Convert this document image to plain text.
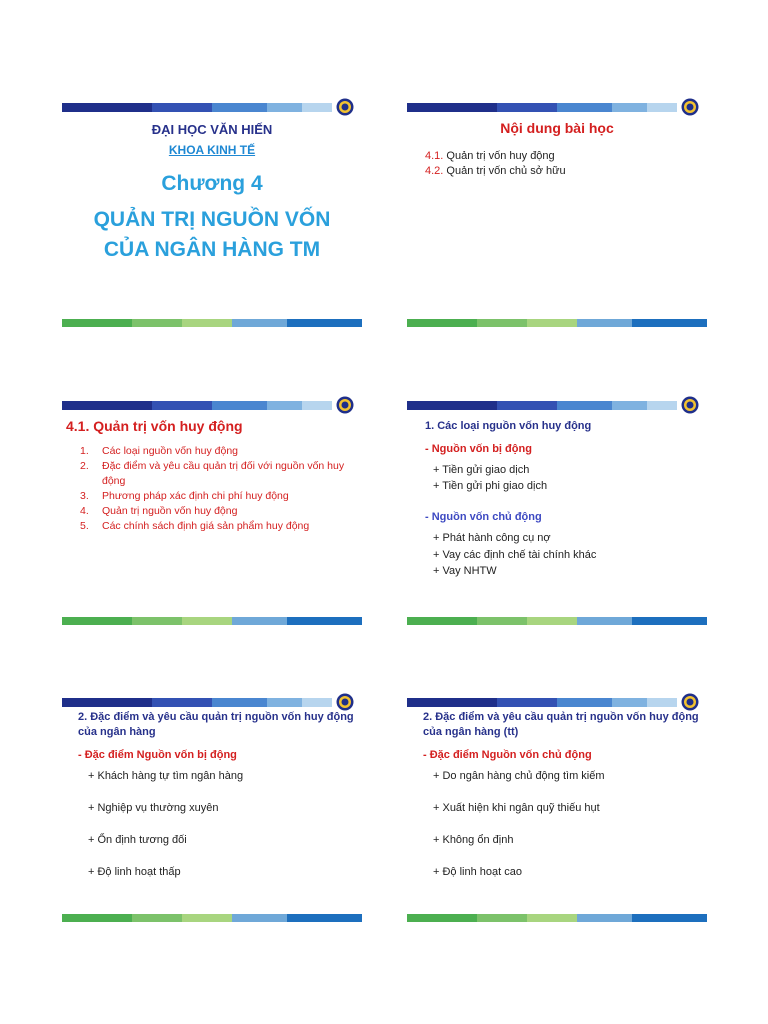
ĐẠI HỌC VĂN HIẾN
KHOA KINH TẾ
Chương 4
QUẢN TRỊ NGUỒN VỐN
CỦA NGÂN HÀNG TM
Nội dung bài học
4.1. Quản trị vốn huy động
4.2. Quản trị vốn chủ sở hữu
4.1. Quản trị vốn huy động
1. Các loại nguồn vốn huy động
2. Đặc điểm và yêu cầu quản trị đối với nguồn vốn huy động
3. Phương pháp xác định chi phí huy động
4. Quản trị nguồn vốn huy động
5. Các chính sách định giá sản phẩm huy động
1. Các loại nguồn vốn huy động
- Nguồn vốn bị động
+ Tiền gửi giao dịch
+ Tiền gửi phi giao dịch
- Nguồn vốn chủ động
+ Phát hành công cụ nợ
+ Vay các định chế tài chính khác
+ Vay NHTW
2. Đặc điểm và yêu cầu quản trị nguồn vốn huy động của ngân hàng
- Đặc điểm Nguồn vốn bị động
+ Khách hàng tự tìm ngân hàng
+ Nghiệp vụ thường xuyên
+ Ổn định tương đối
+ Độ linh hoạt thấp
2. Đặc điểm và yêu cầu quản trị nguồn vốn huy động của ngân hàng (tt)
- Đặc điểm Nguồn vốn chủ động
+ Do ngân hàng chủ động tìm kiếm
+ Xuất hiện khi ngân quỹ thiếu hụt
+ Không ổn định
+ Độ linh hoạt cao
